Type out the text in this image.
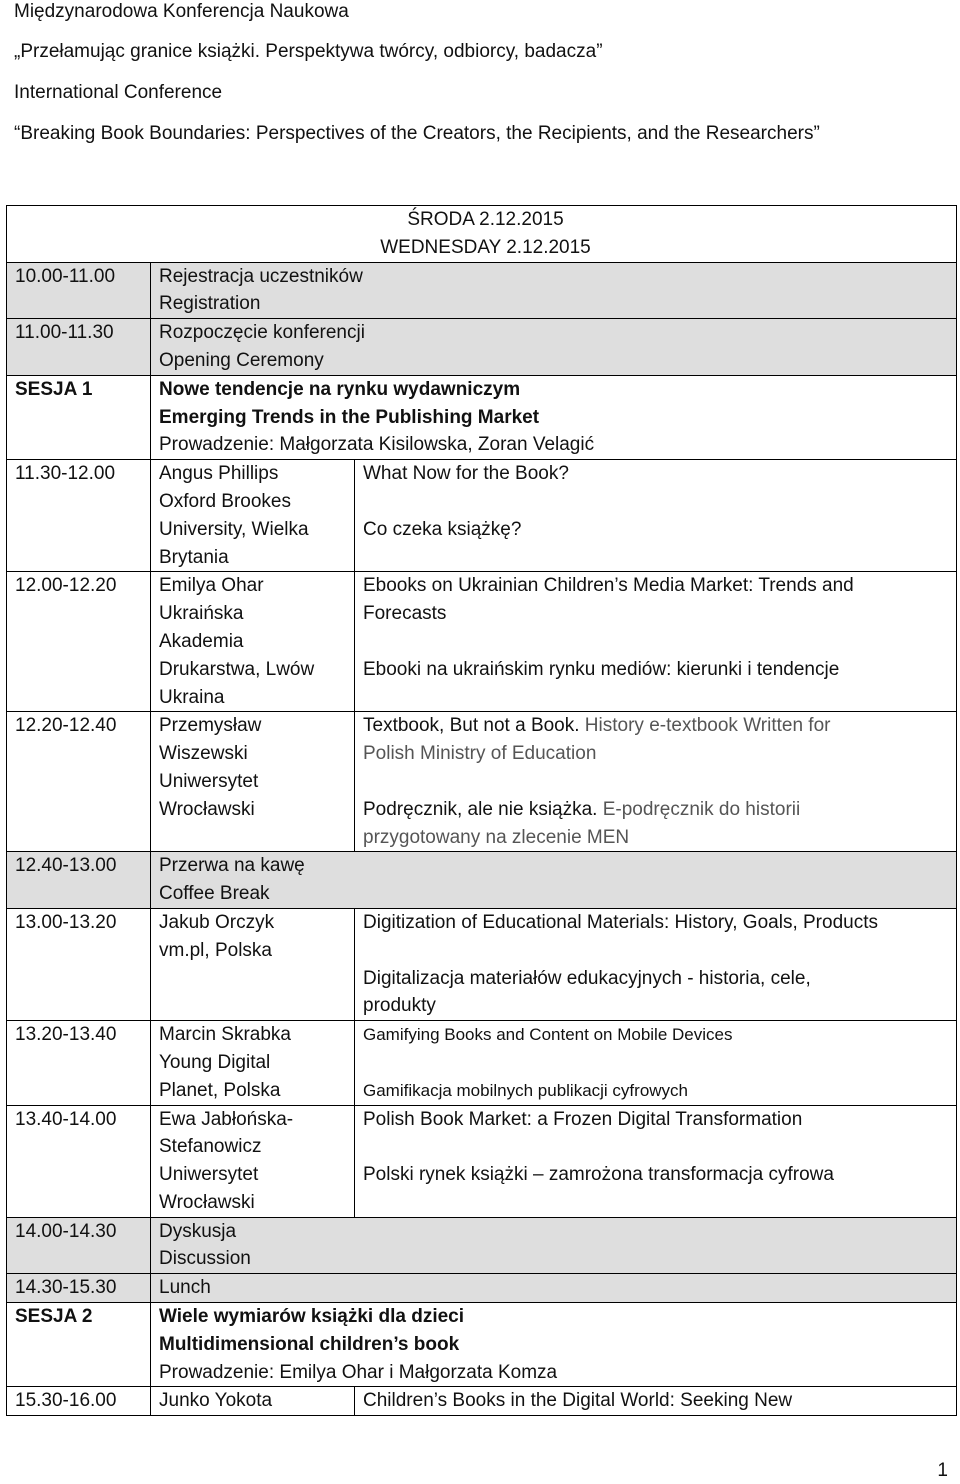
Międzynarodowa Konferencja Naukowa
„Przełamując granice książki. Perspektywa twórcy, odbiorcy, badacza”
International Conference
“Breaking Book Boundaries: Perspectives of the Creators, the Recipients, and the Researchers”
ŚRODA 2.12.2015
WEDNESDAY 2.12.2015		

10.00-11.00	Rejestracja uczestników
Registration	

11.00-11.30	Rozpoczęcie konferencji
Opening Ceremony	

SESJA 1	Nowe tendencje na rynku wydawniczym
Emerging Trends in the Publishing Market
Prowadzenie: Małgorzata Kisilowska, Zoran Velagić	

11.30-12.00	Angus Phillips
Oxford Brookes
University, Wielka
Brytania	What Now for the Book?
Co czeka książkę?

12.00-12.20	Emilya Ohar
Ukraińska
Akademia
Drukarstwa, Lwów
Ukraina	Ebooks on Ukrainian Children’s Media Market: Trends and
Forecasts
Ebooki na ukraińskim rynku mediów: kierunki i tendencje

12.20-12.40	Przemysław
Wiszewski
Uniwersytet
Wrocławski	Textbook, But not a Book. History e-textbook Written for
Polish Ministry of Education
Podręcznik, ale nie książka. E-podręcznik do historii
przygotowany na zlecenie MEN

12.40-13.00	Przerwa na kawę
Coffee Break	

13.00-13.20	Jakub Orczyk
vm.pl, Polska	Digitization of Educational Materials: History, Goals, Products
Digitalizacja materiałów edukacyjnych - historia, cele,
produkty

13.20-13.40	Marcin Skrabka
Young Digital
Planet, Polska	Gamifying Books and Content on Mobile Devices
Gamifikacja mobilnych publikacji cyfrowych

13.40-14.00	Ewa Jabłońska-
Stefanowicz
Uniwersytet
Wrocławski	Polish Book Market: a Frozen Digital Transformation
Polski rynek książki – zamrożona transformacja cyfrowa

14.00-14.30	Dyskusja
Discussion	

14.30-15.30	Lunch	

SESJA 2	Wiele wymiarów książki dla dzieci
Multidimensional children’s book
Prowadzenie: Emilya Ohar i Małgorzata Komza	

15.30-16.00	Junko Yokota	Children’s Books in the Digital World: Seeking New
1
